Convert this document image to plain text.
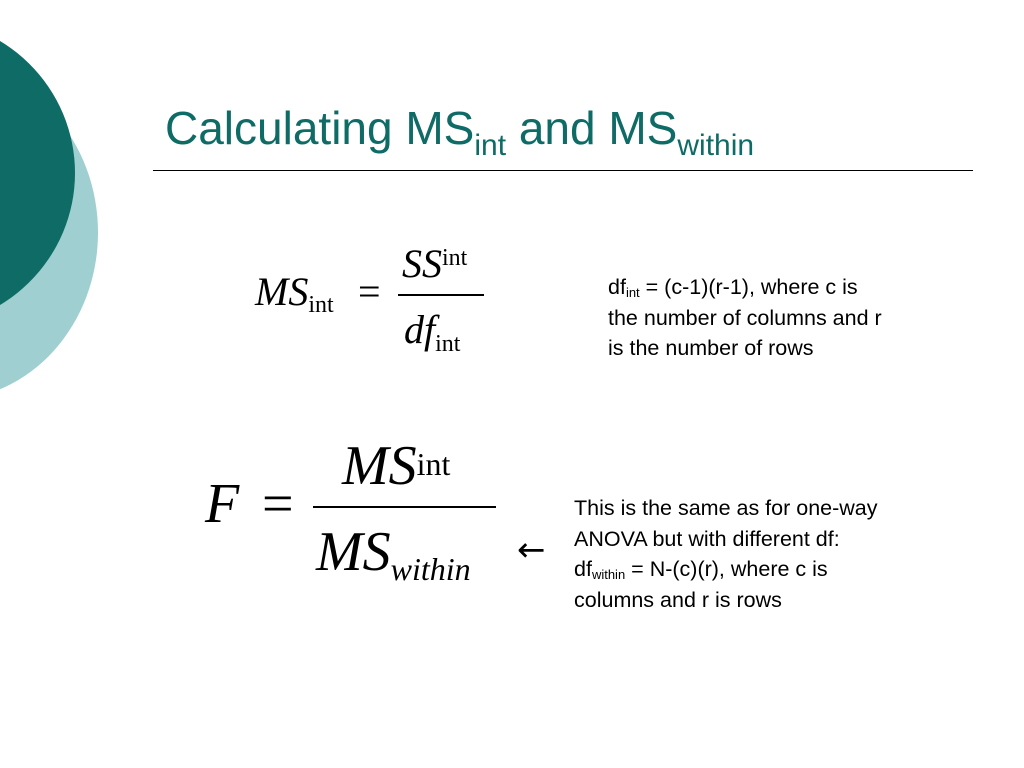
Calculating $MS_{int}$ and $MS_{within}$
$MS_{int}$ =
$SS_{int}$
$df_{int}$
$df_{int} = (c-1)(r-1)$, where c is
the number of columns and r
is the number of rows
F =
$MS_{int}$
$MS_{within}$ ←
This is the same as for one-way
ANOVA but with different df:
$df_{within} = N-(c)(r)$, where c is
columns and r is rows
